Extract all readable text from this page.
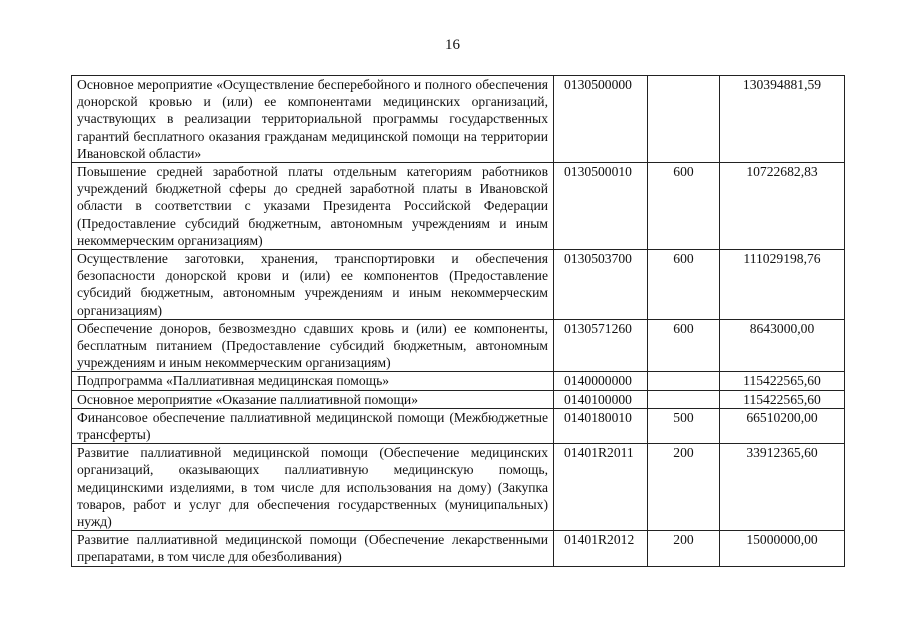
16
Основное мероприятие «Осуществление бесперебойного и полного обеспечения донорской кровью и (или) ее компонентами медицинских организаций, участвующих в реализации территориальной программы государственных гарантий бесплатного оказания гражданам медицинской помощи на территории Ивановской области»	0130500000		130394881,59
Повышение средней заработной платы отдельным категориям работников учреждений бюджетной сферы до средней заработной платы в Ивановской области в соответствии с указами Президента Российской Федерации (Предоставление субсидий бюджетным, автономным учреждениям и иным некоммерческим организациям)	0130500010	600	10722682,83
Осуществление заготовки, хранения, транспортировки и обеспечения безопасности донорской крови и (или) ее компонентов (Предоставление субсидий бюджетным, автономным учреждениям и иным некоммерческим организациям)	0130503700	600	111029198,76
Обеспечение доноров, безвозмездно сдавших кровь и (или) ее компоненты, бесплатным питанием (Предоставление субсидий бюджетным, автономным учреждениям и иным некоммерческим организациям)	0130571260	600	8643000,00
Подпрограмма «Паллиативная медицинская помощь»	0140000000		115422565,60
Основное мероприятие «Оказание паллиативной помощи»	0140100000		115422565,60
Финансовое обеспечение паллиативной медицинской помощи (Межбюджетные трансферты)	0140180010	500	66510200,00
Развитие паллиативной медицинской помощи (Обеспечение медицинских организаций, оказывающих паллиативную медицинскую помощь, медицинскими изделиями, в том числе для использования на дому) (Закупка товаров, работ и услуг для обеспечения государственных (муниципальных) нужд)	01401R2011	200	33912365,60
Развитие паллиативной медицинской помощи (Обеспечение лекарственными препаратами, в том числе для обезболивания)	01401R2012	200	15000000,00
